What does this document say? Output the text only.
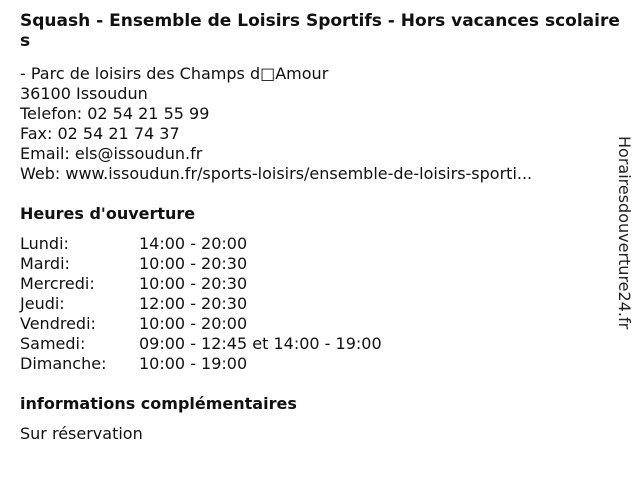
Squash - Ensemble de Loisirs Sportifs - Hors vacances scolaires
- Parc de loisirs des Champs d□Amour
36100 Issoudun
Telefon: 02 54 21 55 99
Fax: 02 54 21 74 37
Email: els@issoudun.fr
Web: www.issoudun.fr/sports-loisirs/ensemble-de-loisirs-sporti...
Heures d'ouverture
Lundi:	14:00 - 20:00
Mardi:	10:00 - 20:30
Mercredi:	10:00 - 20:30
Jeudi:	12:00 - 20:30
Vendredi:	10:00 - 20:00
Samedi:	09:00 - 12:45 et 14:00 - 19:00
Dimanche:	10:00 - 19:00
informations complémentaires
Sur réservation
Horairesdouverture24.fr
